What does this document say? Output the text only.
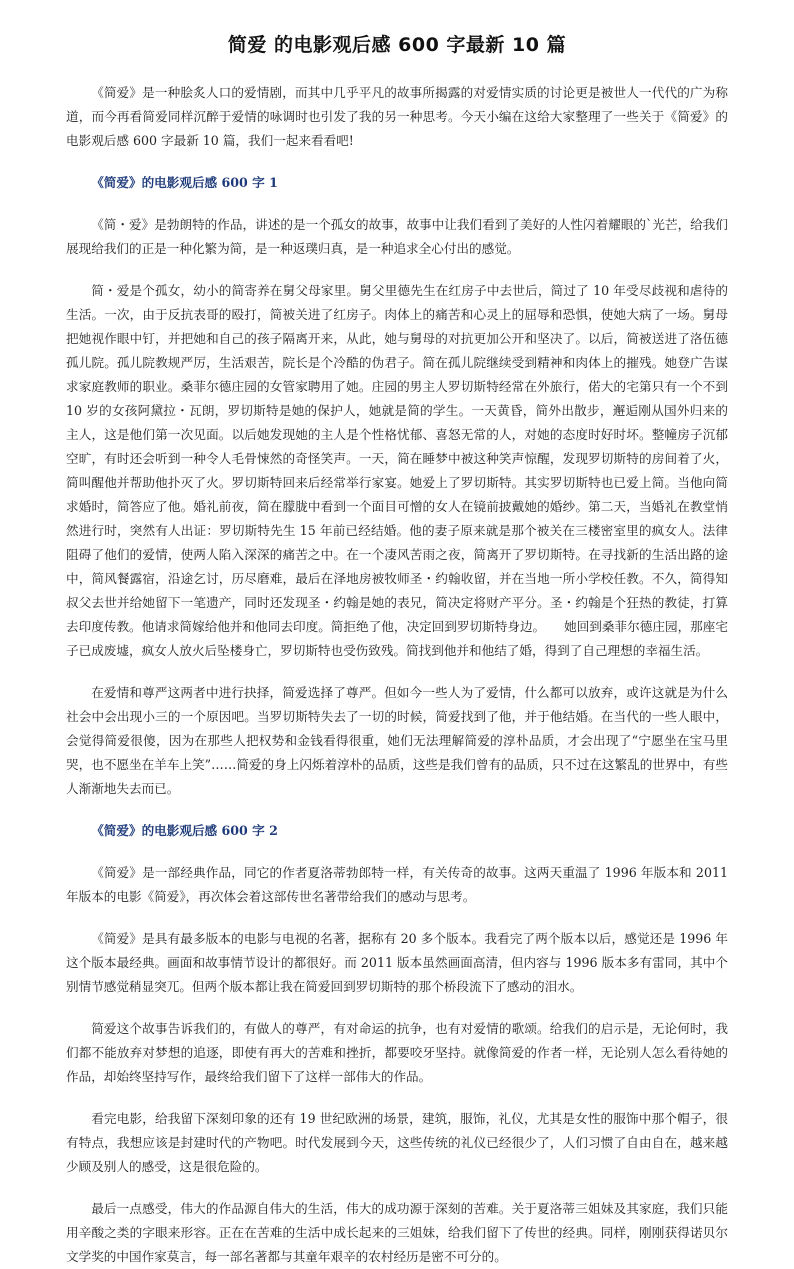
简爱 的电影观后感 600 字最新 10 篇

《简爱》是一种脍炙人口的爱情剧，而其中几乎平凡的故事所揭露的对爱情实质的讨论更是被世人一代代的广为称道，而今再看简爱同样沉醉于爱情的咏调时也引发了我的另一种思考。今天小编在这给大家整理了一些关于《简爱》的电影观后感 600 字最新 10 篇，我们一起来看看吧!

《简爱》的电影观后感 600 字 1

《简・爱》是勃朗特的作品，讲述的是一个孤女的故事，故事中让我们看到了美好的人性闪着耀眼的`光芒，给我们展现给我们的正是一种化繁为简，是一种返璞归真，是一种追求全心付出的感觉。

简・爱是个孤女，幼小的简寄养在舅父母家里。舅父里德先生在红房子中去世后，简过了 10 年受尽歧视和虐待的生活。一次，由于反抗表哥的殴打，简被关进了红房子。肉体上的痛苦和心灵上的屈辱和恐惧，使她大病了一场。舅母把她视作眼中钉，并把她和自己的孩子隔离开来，从此，她与舅母的对抗更加公开和坚决了。以后，简被送进了洛伍德孤儿院。孤儿院教规严厉，生活艰苦，院长是个冷酷的伪君子。简在孤儿院继续受到精神和肉体上的摧残。她登广告谋求家庭教师的职业。桑菲尔德庄园的女管家聘用了她。庄园的男主人罗切斯特经常在外旅行，偌大的宅第只有一个不到 10 岁的女孩阿黛拉・瓦朗，罗切斯特是她的保护人，她就是简的学生。一天黄昏，简外出散步，邂逅刚从国外归来的主人，这是他们第一次见面。以后她发现她的主人是个性格忧郁、喜怒无常的人，对她的态度时好时坏。整幢房子沉郁空旷，有时还会听到一种令人毛骨悚然的奇怪笑声。一天，简在睡梦中被这种笑声惊醒，发现罗切斯特的房间着了火，简叫醒他并帮助他扑灭了火。罗切斯特回来后经常举行家宴。她爱上了罗切斯特。其实罗切斯特也已爱上简。当他向简求婚时，简答应了他。婚礼前夜，简在朦胧中看到一个面目可憎的女人在镜前披戴她的婚纱。第二天，当婚礼在教堂悄然进行时，突然有人出证：罗切斯特先生 15 年前已经结婚。他的妻子原来就是那个被关在三楼密室里的疯女人。法律阻碍了他们的爱情，使两人陷入深深的痛苦之中。在一个凄风苦雨之夜，简离开了罗切斯特。在寻找新的生活出路的途中，简风餐露宿，沿途乞讨，历尽磨难，最后在泽地房被牧师圣・约翰收留，并在当地一所小学校任教。不久，简得知叔父去世并给她留下一笔遗产，同时还发现圣・约翰是她的表兄，简决定将财产平分。圣・约翰是个狂热的教徒，打算去印度传教。他请求简嫁给他并和他同去印度。简拒绝了他，决定回到罗切斯特身边。　　她回到桑菲尔德庄园，那座宅子已成废墟，疯女人放火后坠楼身亡，罗切斯特也受伤致残。简找到他并和他结了婚，得到了自己理想的幸福生活。

在爱情和尊严这两者中进行抉择，简爱选择了尊严。但如今一些人为了爱情，什么都可以放弃，或许这就是为什么社会中会出现小三的一个原因吧。当罗切斯特失去了一切的时候，简爱找到了他，并于他结婚。在当代的一些人眼中，会觉得简爱很傻，因为在那些人把权势和金钱看得很重，她们无法理解简爱的淳朴品质，才会出现了“宁愿坐在宝马里哭，也不愿坐在羊车上笑”……简爱的身上闪烁着淳朴的品质，这些是我们曾有的品质，只不过在这繁乱的世界中，有些人渐渐地失去而已。

《简爱》的电影观后感 600 字 2

《简爱》是一部经典作品，同它的作者夏洛蒂勃郎特一样，有关传奇的故事。这两天重温了 1996 年版本和 2011 年版本的电影《简爱》，再次体会着这部传世名著带给我们的感动与思考。

《简爱》是具有最多版本的电影与电视的名著，据称有 20 多个版本。我看完了两个版本以后，感觉还是 1996 年这个版本最经典。画面和故事情节设计的都很好。而 2011 版本虽然画面高清，但内容与 1996 版本多有雷同，其中个别情节感觉稍显突兀。但两个版本都让我在简爱回到罗切斯特的那个桥段流下了感动的泪水。

简爱这个故事告诉我们的，有做人的尊严，有对命运的抗争，也有对爱情的歌颂。给我们的启示是，无论何时，我们都不能放弃对梦想的追逐，即使有再大的苦难和挫折，都要咬牙坚持。就像简爱的作者一样，无论别人怎么看待她的作品，却始终坚持写作，最终给我们留下了这样一部伟大的作品。

看完电影，给我留下深刻印象的还有 19 世纪欧洲的场景，建筑，服饰，礼仪，尤其是女性的服饰中那个帽子，很有特点，我想应该是封建时代的产物吧。时代发展到今天，这些传统的礼仪已经很少了，人们习惯了自由自在，越来越少顾及别人的感受，这是很危险的。

最后一点感受，伟大的作品源自伟大的生活，伟大的成功源于深刻的苦难。关于夏洛蒂三姐妹及其家庭，我们只能用辛酸之类的字眼来形容。正在在苦难的生活中成长起来的三姐妹，给我们留下了传世的经典。同样，刚刚获得诺贝尔文学奖的中国作家莫言，每一部名著都与其童年艰辛的农村经历是密不可分的。
